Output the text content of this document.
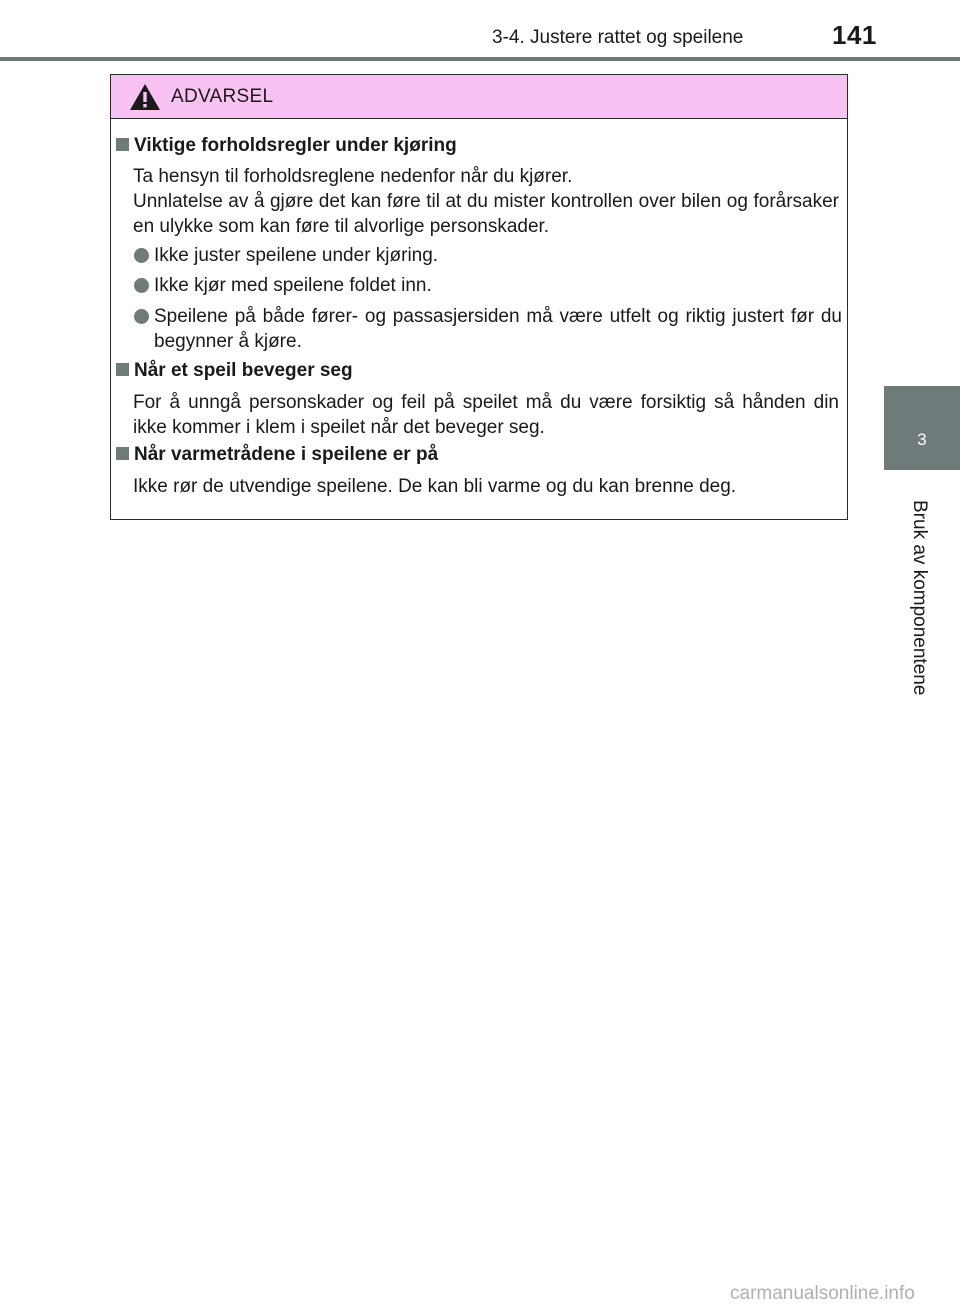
3-4. Justere rattet og speilene	141
3
Bruk av komponentene
ADVARSEL
Viktige forholdsregler under kjøring
Ta hensyn til forholdsreglene nedenfor når du kjører.
Unnlatelse av å gjøre det kan føre til at du mister kontrollen over bilen og forårsaker en ulykke som kan føre til alvorlige personskader.
Ikke juster speilene under kjøring.
Ikke kjør med speilene foldet inn.
Speilene på både fører- og passasjersiden må være utfelt og riktig justert før du begynner å kjøre.
Når et speil beveger seg
For å unngå personskader og feil på speilet må du være forsiktig så hånden din ikke kommer i klem i speilet når det beveger seg.
Når varmetrådene i speilene er på
Ikke rør de utvendige speilene. De kan bli varme og du kan brenne deg.
carmanualsonline.info
